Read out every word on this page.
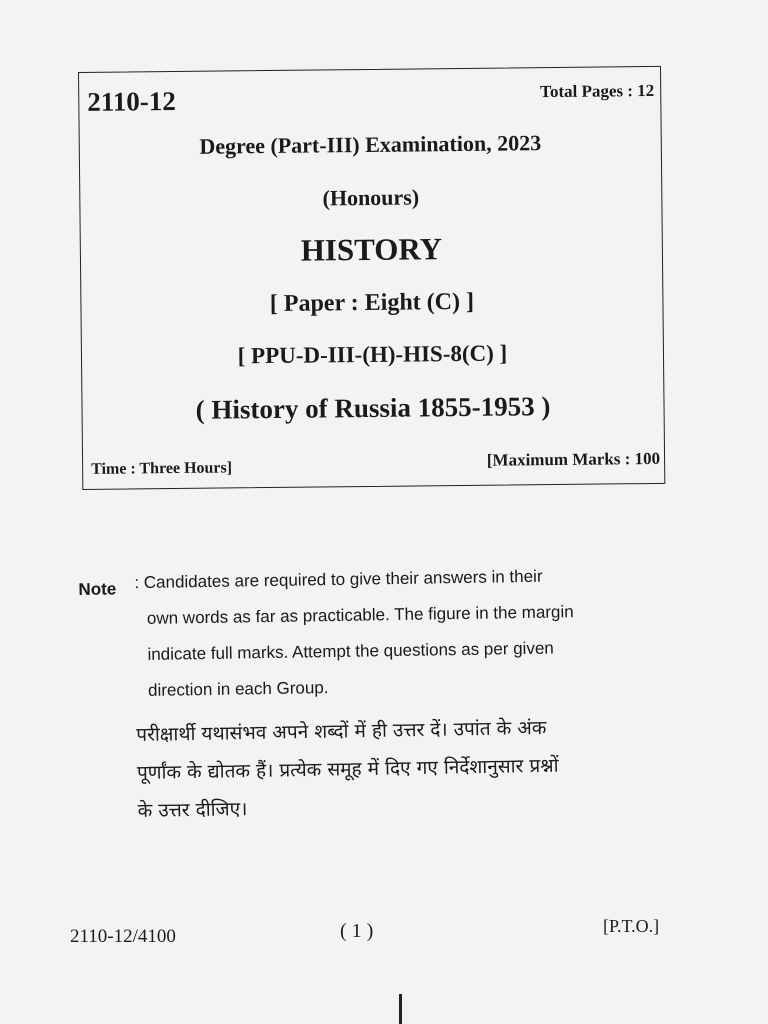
2110-12	Total Pages : 12
Degree (Part-III) Examination, 2023
(Honours)
HISTORY
[ Paper : Eight (C) ]
[ PPU-D-III-(H)-HIS-8(C) ]
( History of Russia 1855-1953 )
Time : Three Hours]	[Maximum Marks : 100
Note : Candidates are required to give their answers in their
own words as far as practicable. The figure in the margin
indicate full marks. Attempt the questions as per given
direction in each Group.
परीक्षार्थी यथासंभव अपने शब्दों में ही उत्तर दें। उपांत के अंक
पूर्णांक के द्योतक हैं। प्रत्येक समूह में दिए गए निर्देशानुसार प्रश्नों
के उत्तर दीजिए।
2110-12/4100	( 1 )	[P.T.O.]
